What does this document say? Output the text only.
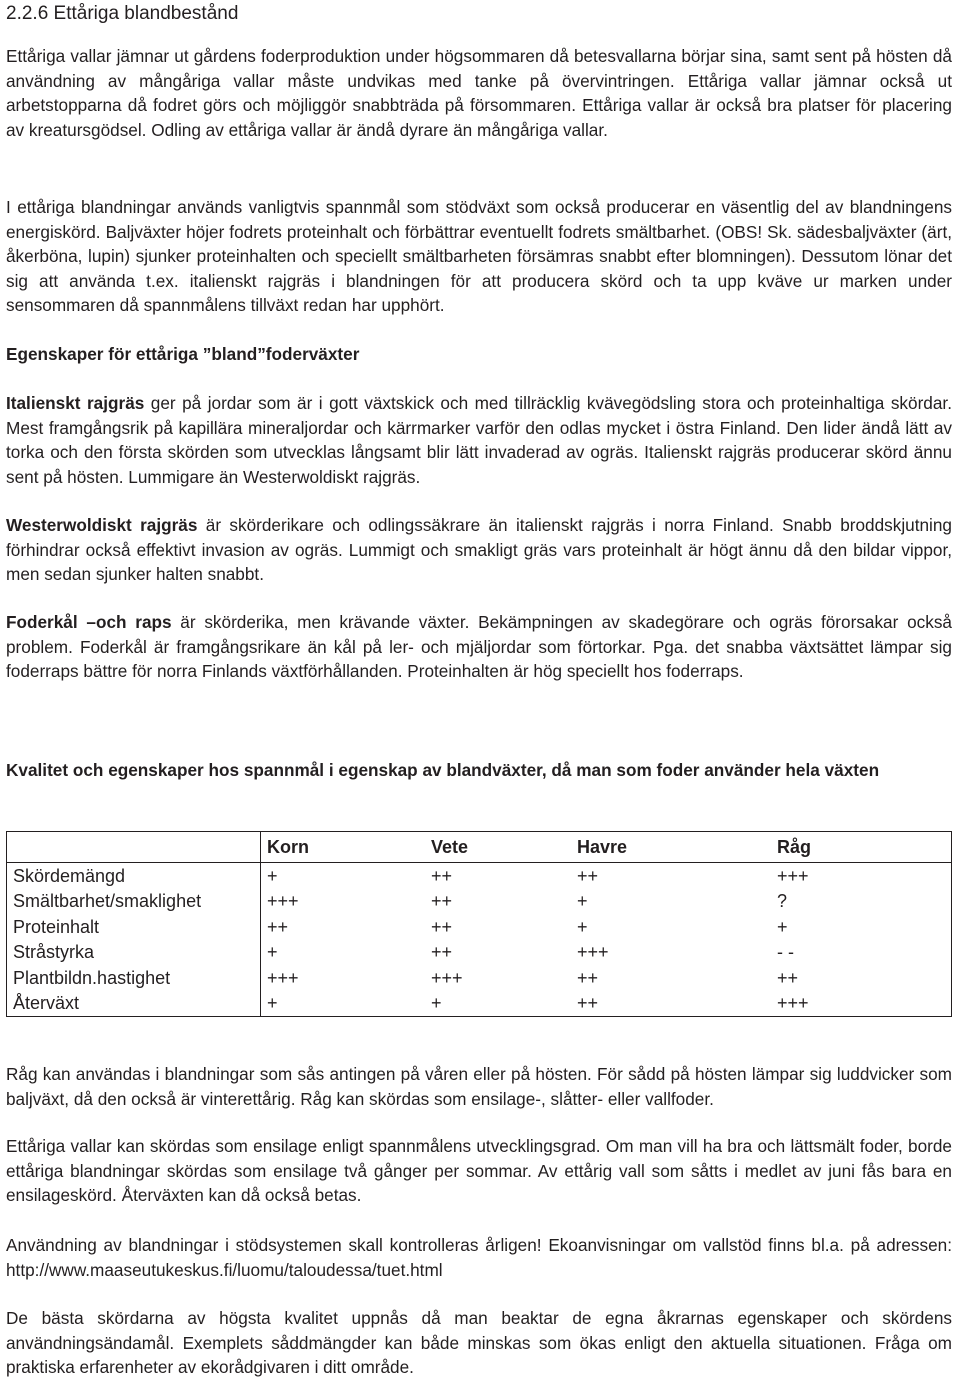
2.2.6 Ettåriga blandbestånd

Ettåriga vallar jämnar ut gårdens foderproduktion under högsommaren då betesvallarna börjar sina, samt sent på hösten då användning av mångåriga vallar måste undvikas med tanke på övervintringen. Ettåriga vallar jämnar också ut arbetstopparna då fodret görs och möjliggör snabbträda på försommaren. Ettåriga vallar är också bra platser för placering av kreatursgödsel. Odling av ettåriga vallar är ändå dyrare än mångåriga vallar.

I ettåriga blandningar används vanligtvis spannmål som stödväxt som också producerar en väsentlig del av blandningens energiskörd. Baljväxter höjer fodrets proteinhalt och förbättrar eventuellt fodrets smältbarhet. (OBS! Sk. sädesbaljväxter (ärt, åkerböna, lupin) sjunker proteinhalten och speciellt smältbarheten försämras snabbt efter blomningen). Dessutom lönar det sig att använda t.ex. italienskt rajgräs i blandningen för att producera skörd och ta upp kväve ur marken under sensommaren då spannmålens tillväxt redan har upphört.

Egenskaper för ettåriga ”bland”foderväxter

Italienskt rajgräs ger på jordar som är i gott växtskick och med tillräcklig kvävegödsling stora och proteinhaltiga skördar. Mest framgångsrik på kapillära mineraljordar och kärrmarker varför den odlas mycket i östra Finland. Den lider ändå lätt av torka och den första skörden som utvecklas långsamt blir lätt invaderad av ogräs. Italienskt rajgräs producerar skörd ännu sent på hösten. Lummigare än Westerwoldiskt rajgräs.

Westerwoldiskt rajgräs är skörderikare och odlingssäkrare än italienskt rajgräs i norra Finland. Snabb broddskjutning förhindrar också effektivt invasion av ogräs. Lummigt och smakligt gräs vars proteinhalt är högt ännu då den bildar vippor, men sedan sjunker halten snabbt.

Foderkål –och raps är skörderika, men krävande växter. Bekämpningen av skadegörare och ogräs förorsakar också problem. Foderkål är framgångsrikare än kål på ler- och mjäljordar som förtorkar. Pga. det snabba växtsättet lämpar sig foderraps bättre för norra Finlands växtförhållanden. Proteinhalten är hög speciellt hos foderraps.

Kvalitet och egenskaper hos spannmål i egenskap av blandväxter, då man som foder använder hela växten

	Korn	Vete	Havre	Råg
Skördemängd	+	++	++	+++
Smältbarhet/smaklighet	+++	++	+	?
Proteinhalt	++	++	+	+
Stråstyrka	+	++	+++	- -
Plantbildn.hastighet	+++	+++	++	++
Återväxt	+	+	++	+++

Råg kan användas i blandningar som sås antingen på våren eller på hösten. För sådd på hösten lämpar sig luddvicker som baljväxt, då den också är vinterettårig. Råg kan skördas som ensilage-, slåtter- eller vallfoder.

Ettåriga vallar kan skördas som ensilage enligt spannmålens utvecklingsgrad. Om man vill ha bra och lättsmält foder, borde ettåriga blandningar skördas som ensilage två gånger per sommar. Av ettårig vall som såtts i medlet av juni fås bara en ensilageskörd. Återväxten kan då också betas.

Användning av blandningar i stödsystemen skall kontrolleras årligen! Ekoanvisningar om vallstöd finns bl.a. på adressen: http://www.maaseutukeskus.fi/luomu/taloudessa/tuet.html

De bästa skördarna av högsta kvalitet uppnås då man beaktar de egna åkrarnas egenskaper och skördens användningsändamål. Exemplets såddmängder kan både minskas som ökas enligt den aktuella situationen. Fråga om praktiska erfarenheter av ekorådgivaren i ditt område.
